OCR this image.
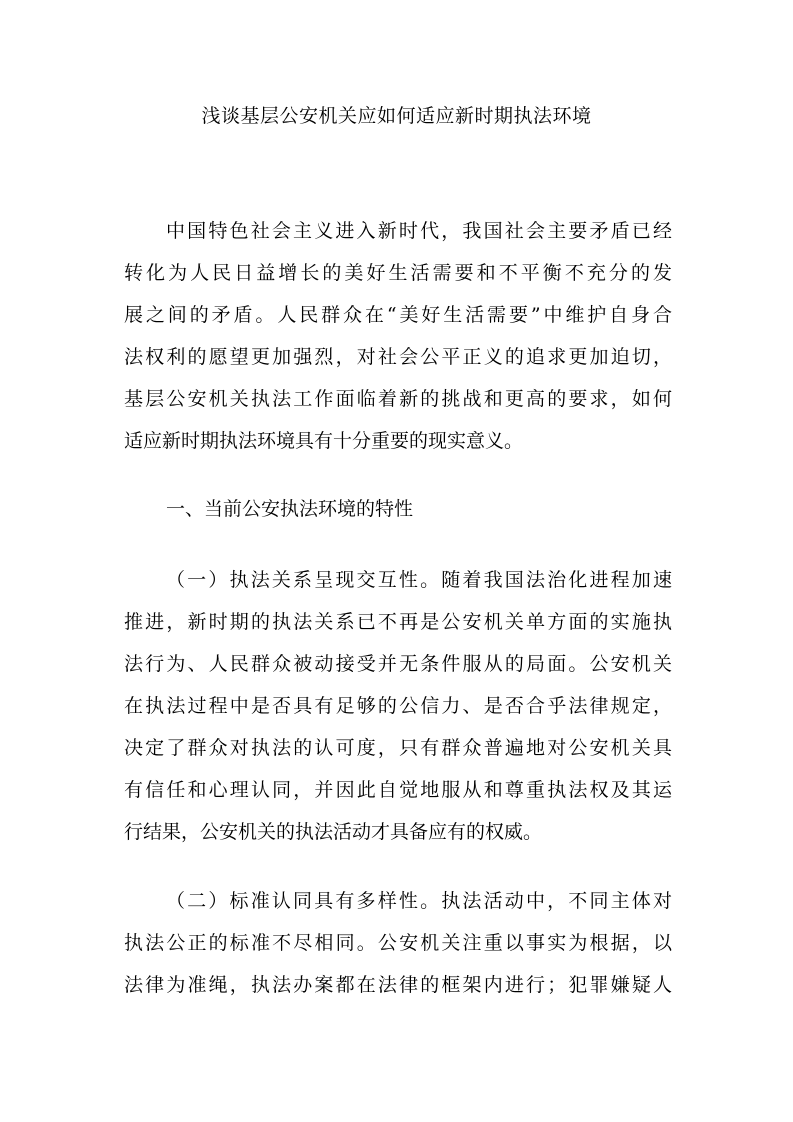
浅谈基层公安机关应如何适应新时期执法环境
中国特色社会主义进入新时代，我国社会主要矛盾已经
转化为人民日益增长的美好生活需要和不平衡不充分的发
展之间的矛盾。人民群众在“美好生活需要”中维护自身合
法权利的愿望更加强烈，对社会公平正义的追求更加迫切，
基层公安机关执法工作面临着新的挑战和更高的要求，如何
适应新时期执法环境具有十分重要的现实意义。
一、当前公安执法环境的特性
（一）执法关系呈现交互性。随着我国法治化进程加速
推进，新时期的执法关系已不再是公安机关单方面的实施执
法行为、人民群众被动接受并无条件服从的局面。公安机关
在执法过程中是否具有足够的公信力、是否合乎法律规定，
决定了群众对执法的认可度，只有群众普遍地对公安机关具
有信任和心理认同，并因此自觉地服从和尊重执法权及其运
行结果，公安机关的执法活动才具备应有的权威。
（二）标准认同具有多样性。执法活动中，不同主体对
执法公正的标准不尽相同。公安机关注重以事实为根据，以
法律为准绳，执法办案都在法律的框架内进行；犯罪嫌疑人
